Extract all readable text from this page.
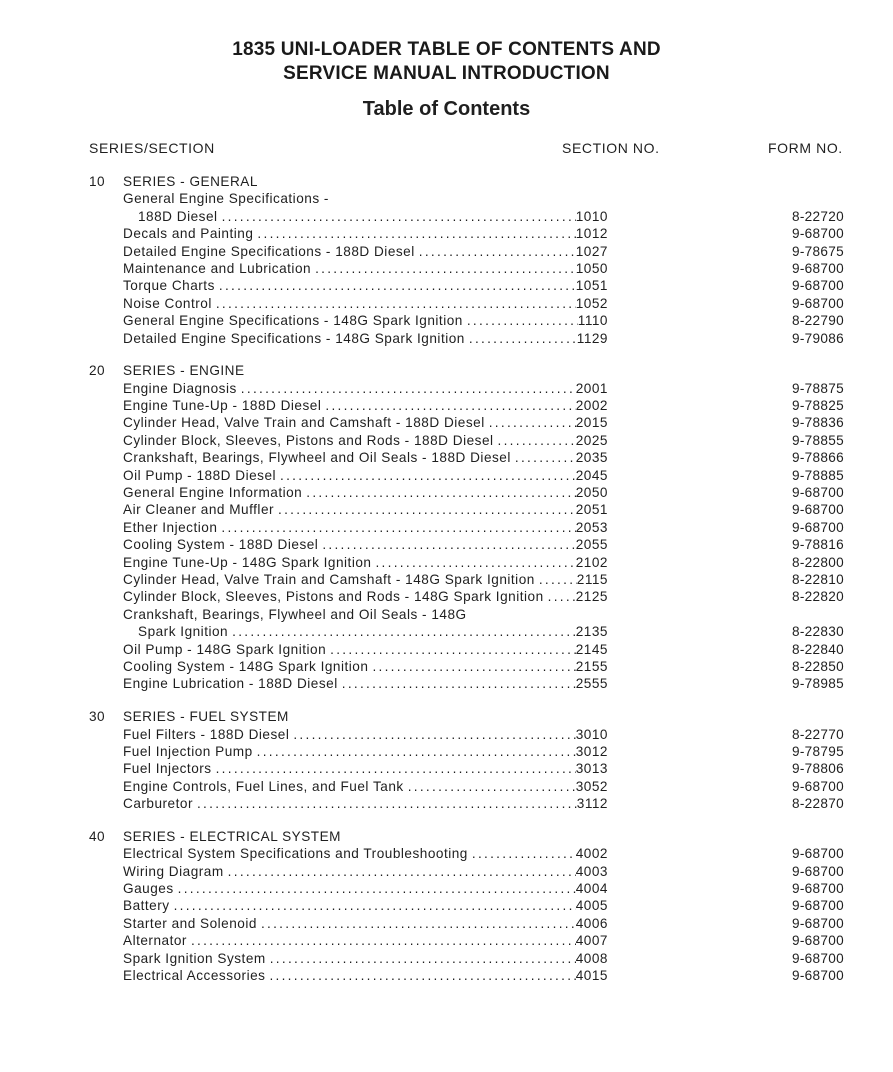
1835 UNI-LOADER TABLE OF CONTENTS AND
SERVICE MANUAL INTRODUCTION
Table of Contents
SERIES/SECTION	SECTION NO.	FORM NO.
10 SERIES - GENERAL
General Engine Specifications -
188D Diesel .....	1010	8-22720
Decals and Painting .....	1012	9-68700
Detailed Engine Specifications - 188D Diesel .....	1027	9-78675
Maintenance and Lubrication .....	1050	9-68700
Torque Charts .....	1051	9-68700
Noise Control .....	1052	9-68700
General Engine Specifications - 148G Spark Ignition .....	1110	8-22790
Detailed Engine Specifications - 148G Spark Ignition .....	1129	9-79086
20 SERIES - ENGINE
Engine Diagnosis .....	2001	9-78875
Engine Tune-Up - 188D Diesel .....	2002	9-78825
Cylinder Head, Valve Train and Camshaft - 188D Diesel .....	2015	9-78836
Cylinder Block, Sleeves, Pistons and Rods - 188D Diesel .....	2025	9-78855
Crankshaft, Bearings, Flywheel and Oil Seals - 188D Diesel .....	2035	9-78866
Oil Pump - 188D Diesel .....	2045	9-78885
General Engine Information .....	2050	9-68700
Air Cleaner and Muffler .....	2051	9-68700
Ether Injection .....	2053	9-68700
Cooling System - 188D Diesel .....	2055	9-78816
Engine Tune-Up - 148G Spark Ignition .....	2102	8-22800
Cylinder Head, Valve Train and Camshaft - 148G Spark Ignition .....	2115	8-22810
Cylinder Block, Sleeves, Pistons and Rods - 148G Spark Ignition ..... 2125	8-22820
Crankshaft, Bearings, Flywheel and Oil Seals - 148G
Spark Ignition .....	2135	8-22830
Oil Pump - 148G Spark Ignition .....	2145	8-22840
Cooling System - 148G Spark Ignition .....	2155	8-22850
Engine Lubrication - 188D Diesel .....	2555	9-78985
30 SERIES - FUEL SYSTEM
Fuel Filters - 188D Diesel .....	3010	8-22770
Fuel Injection Pump .....	3012	9-78795
Fuel Injectors .....	3013	9-78806
Engine Controls, Fuel Lines, and Fuel Tank .....	3052	9-68700
Carburetor .....	3112	8-22870
40 SERIES - ELECTRICAL SYSTEM
Electrical System Specifications and Troubleshooting .....	4002	9-68700
Wiring Diagram .....	4003	9-68700
Gauges .....	4004	9-68700
Battery .....	4005	9-68700
Starter and Solenoid .....	4006	9-68700
Alternator .....	4007	9-68700
Spark Ignition System .....	4008	9-68700
Electrical Accessories .....	4015	9-68700
